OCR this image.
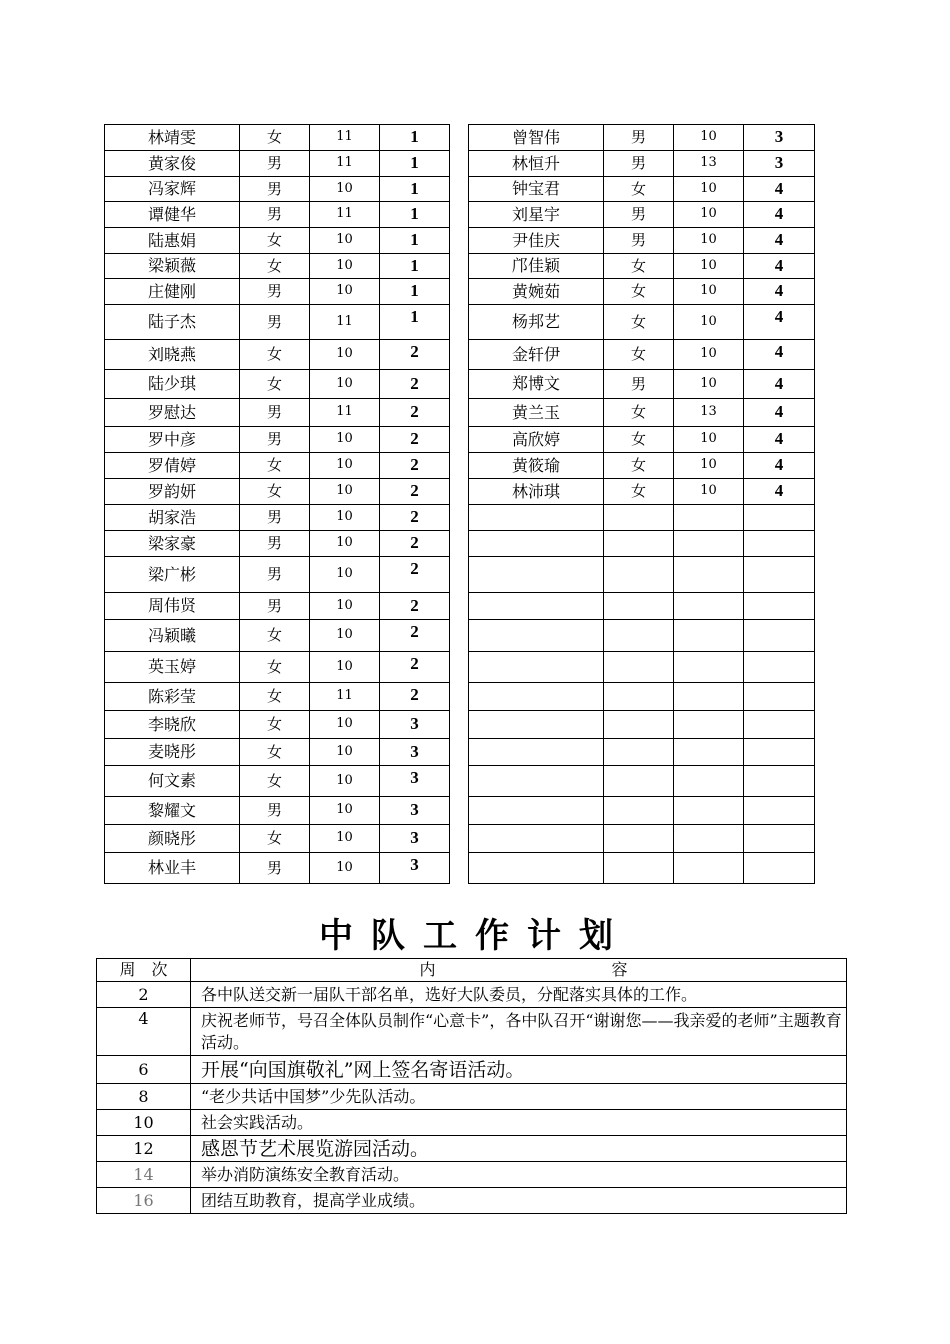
林靖雯	女	11	1		曾智伟	男	10	3
黄家俊	男	11	1		林恒升	男	13	3
冯家辉	男	10	1		钟宝君	女	10	4
谭健华	男	11	1		刘星宇	男	10	4
陆惠娟	女	10	1		尹佳庆	男	10	4
梁颖薇	女	10	1		邝佳颖	女	10	4
庄健刚	男	10	1		黄婉茹	女	10	4
陆子杰	男	11	1		杨邦艺	女	10	4
刘晓燕	女	10	2		金轩伊	女	10	4
陆少琪	女	10	2		郑博文	男	10	4
罗慰达	男	11	2		黄兰玉	女	13	4
罗中彦	男	10	2		高欣婷	女	10	4
罗倩婷	女	10	2		黄筱瑜	女	10	4
罗韵妍	女	10	2		林沛琪	女	10	4
胡家浩	男	10	2					
梁家豪	男	10	2					
梁广彬	男	10	2					
周伟贤	男	10	2					
冯颖曦	女	10	2					
英玉婷	女	10	2					
陈彩莹	女	11	2					
李晓欣	女	10	3					
麦晓彤	女	10	3					
何文素	女	10	3					
黎耀文	男	10	3					
颜晓彤	女	10	3					
林业丰	男	10	3					
中队工作计划
周　次	内　　　　　　　　　　　容
2	各中队送交新一届队干部名单，选好大队委员，分配落实具体的工作。
4	庆祝老师节，号召全体队员制作“心意卡”，各中队召开“谢谢您——我亲爱的老师”主题教育活动。
6	开展“向国旗敬礼”网上签名寄语活动。
8	“老少共话中国梦”少先队活动。
10	社会实践活动。
12	感恩节艺术展览游园活动。
14	举办消防演练安全教育活动。
16	团结互助教育，提高学业成绩。
